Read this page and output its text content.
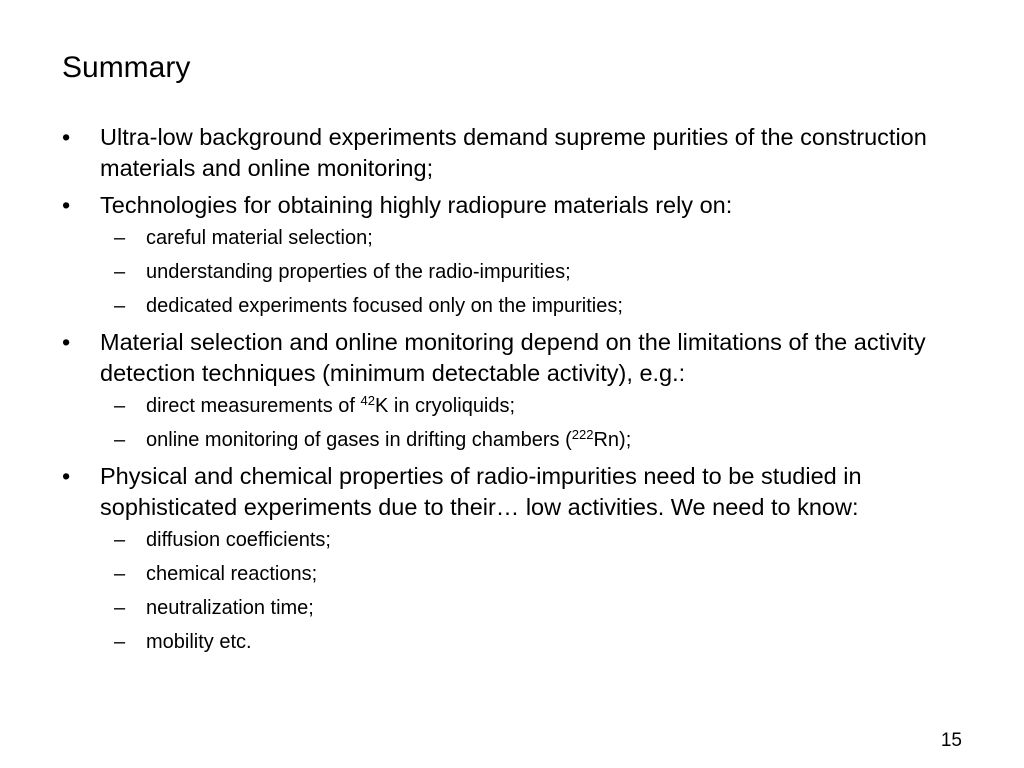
Summary
•	Ultra-low background experiments demand supreme purities of the construction materials and online monitoring;
•	Technologies for obtaining highly radiopure materials rely on:
– careful material selection;
– understanding properties of the radio-impurities;
– dedicated experiments focused only on the impurities;
•	Material selection and online monitoring depend on the limitations of the activity detection techniques (minimum detectable activity), e.g.:
– direct measurements of $^{42}$K in cryoliquids;
– online monitoring of gases in drifting chambers ($^{222}$Rn);
•	Physical and chemical properties of radio-impurities need to be studied in sophisticated experiments due to their… low activities. We need to know:
– diffusion coefficients;
– chemical reactions;
– neutralization time;
– mobility etc.
15
